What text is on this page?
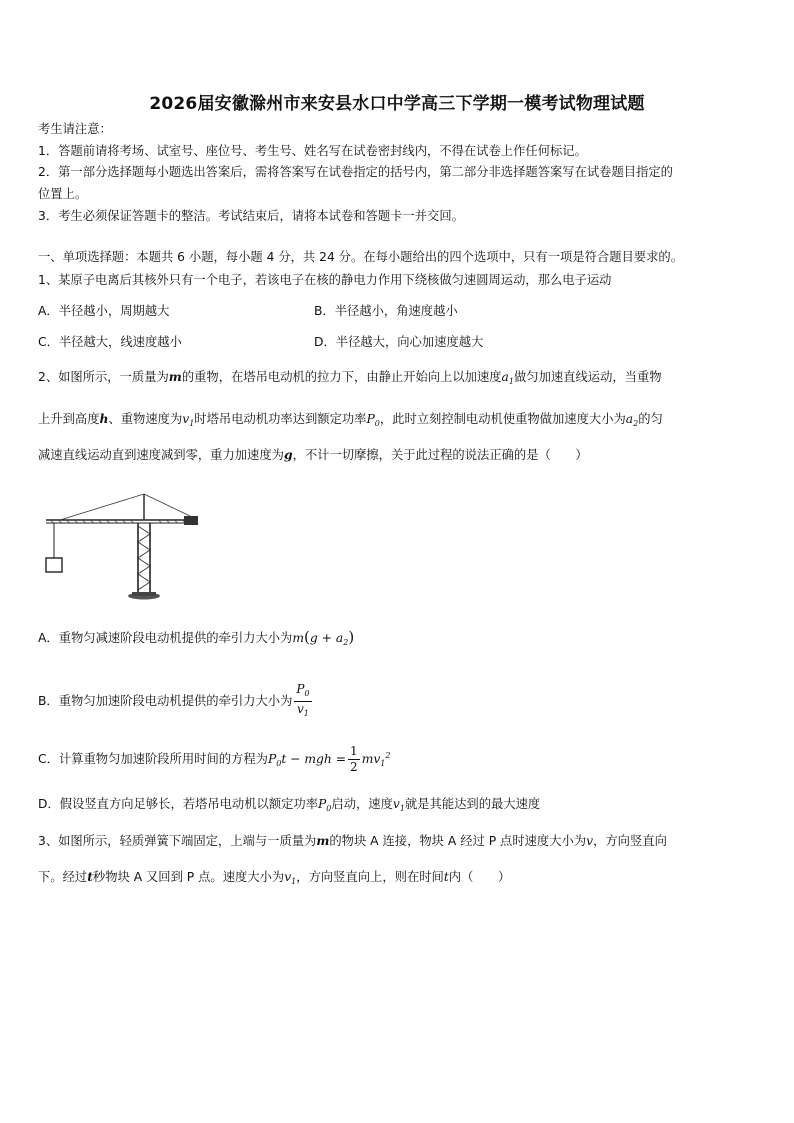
2026届安徽滁州市来安县水口中学高三下学期一模考试物理试题
考生请注意：
1．答题前请将考场、试室号、座位号、考生号、姓名写在试卷密封线内，不得在试卷上作任何标记。
2．第一部分选择题每小题选出答案后，需将答案写在试卷指定的括号内，第二部分非选择题答案写在试卷题目指定的
位置上。
3．考生必须保证答题卡的整洁。考试结束后，请将本试卷和答题卡一并交回。
一、单项选择题：本题共 6 小题，每小题 4 分，共 24 分。在每小题给出的四个选项中，只有一项是符合题目要求的。
1、某原子电离后其核外只有一个电子，若该电子在核的静电力作用下绕核做匀速圆周运动，那么电子运动
A．半径越小，周期越大	B．半径越小，角速度越小
C．半径越大，线速度越小	D．半径越大，向心加速度越大
2、如图所示，一质量为m的重物，在塔吊电动机的拉力下，由静止开始向上以加速度$a_1$做匀加速直线运动，当重物
上升到高度h、重物速度为$v_1$时塔吊电动机功率达到额定功率$P_0$，此时立刻控制电动机使重物做加速度大小为$a_2$的匀
减速直线运动直到速度减到零，重力加速度为g，不计一切摩擦，关于此过程的说法正确的是（　　）
A．重物匀减速阶段电动机提供的牵引力大小为$m(g + a_2)$
B．重物匀加速阶段电动机提供的牵引力大小为 $\frac{P_0}{v_1}$
C．计算重物匀加速阶段所用时间的方程为$P_0t$ − mgh = $\frac{1}{2} mv_1^2$
D．假设竖直方向足够长，若塔吊电动机以额定功率$P_0$启动，速度$v_1$就是其能达到的最大速度
3、如图所示，轻质弹簧下端固定，上端与一质量为m的物块 A 连接，物块 A 经过 P 点时速度大小为v，方向竖直向
下。经过t秒物块 A 又回到 P 点。速度大小为$v_1$，方向竖直向上，则在时间t内（　　）
